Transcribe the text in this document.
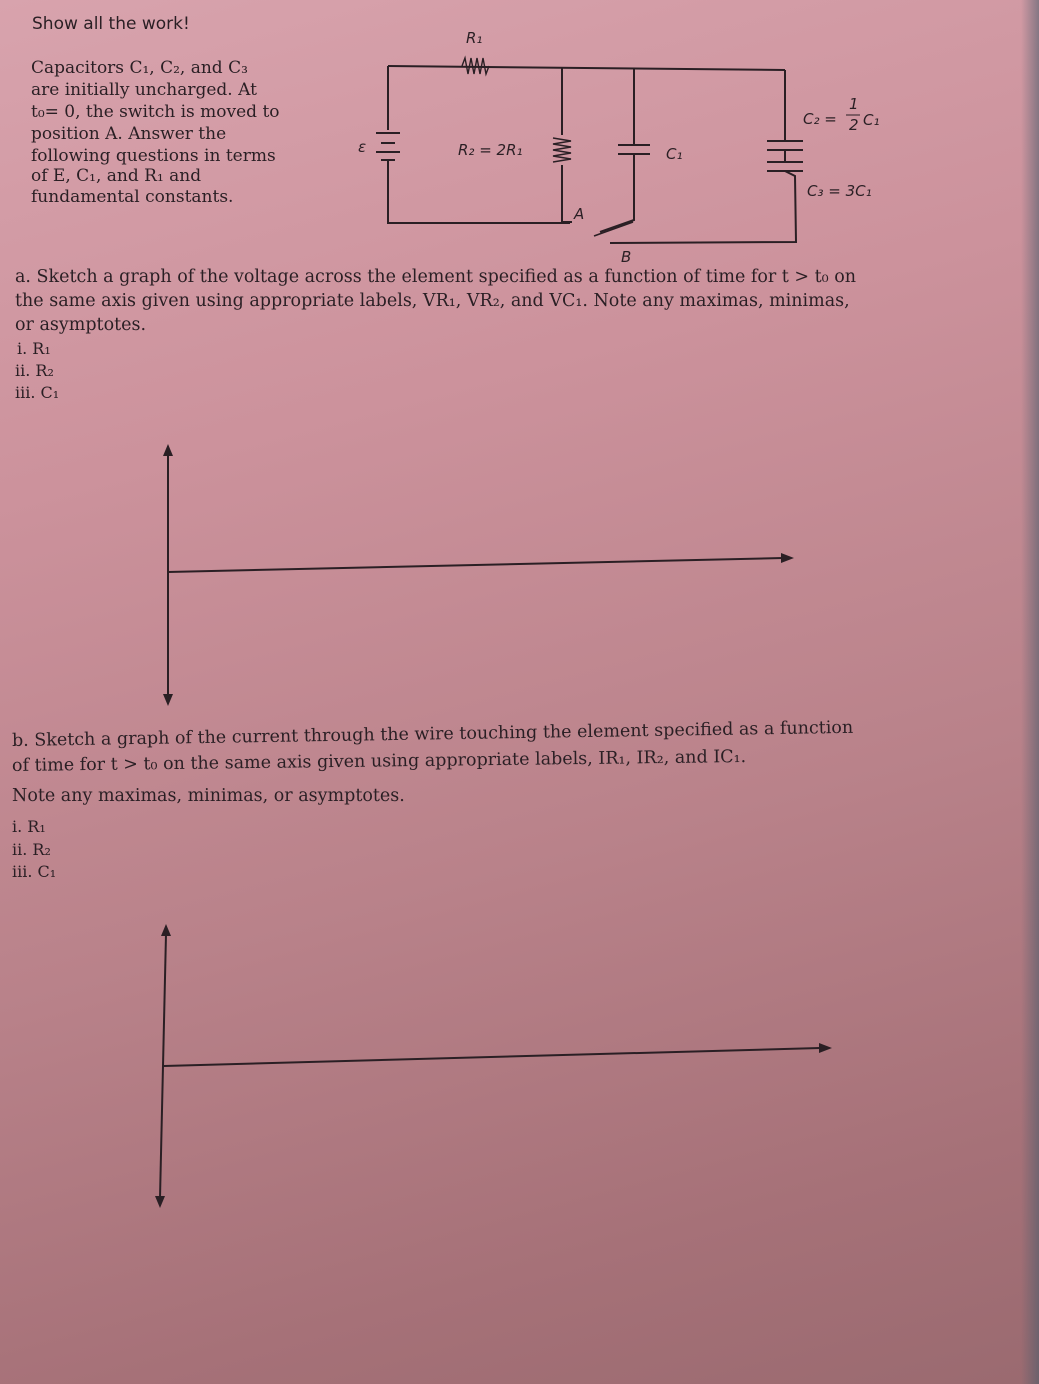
Show all the work!
Capacitors C₁, C₂, and C₃
are initially uncharged. At
t₀= 0, the switch is moved to
position A. Answer the
following questions in terms
of E, C₁, and R₁ and
fundamental constants.
ε
R₁
R₂ = 2R₁	C₁
C₂ =
1
2 C₁
C₃ = 3C₁
A
B
a. Sketch a graph of the voltage across the element specified as a function of time for t > t₀ on
the same axis given using appropriate labels, VR₁, VR₂, and VC₁. Note any maximas, minimas,
or asymptotes.
i. R₁
ii. R₂
iii. C₁
b. Sketch a graph of the current through the wire touching the element specified as a function
of time for t > t₀ on the same axis given using appropriate labels, IR₁, IR₂, and IC₁.
Note any maximas, minimas, or asymptotes.
i. R₁
ii. R₂
iii. C₁
